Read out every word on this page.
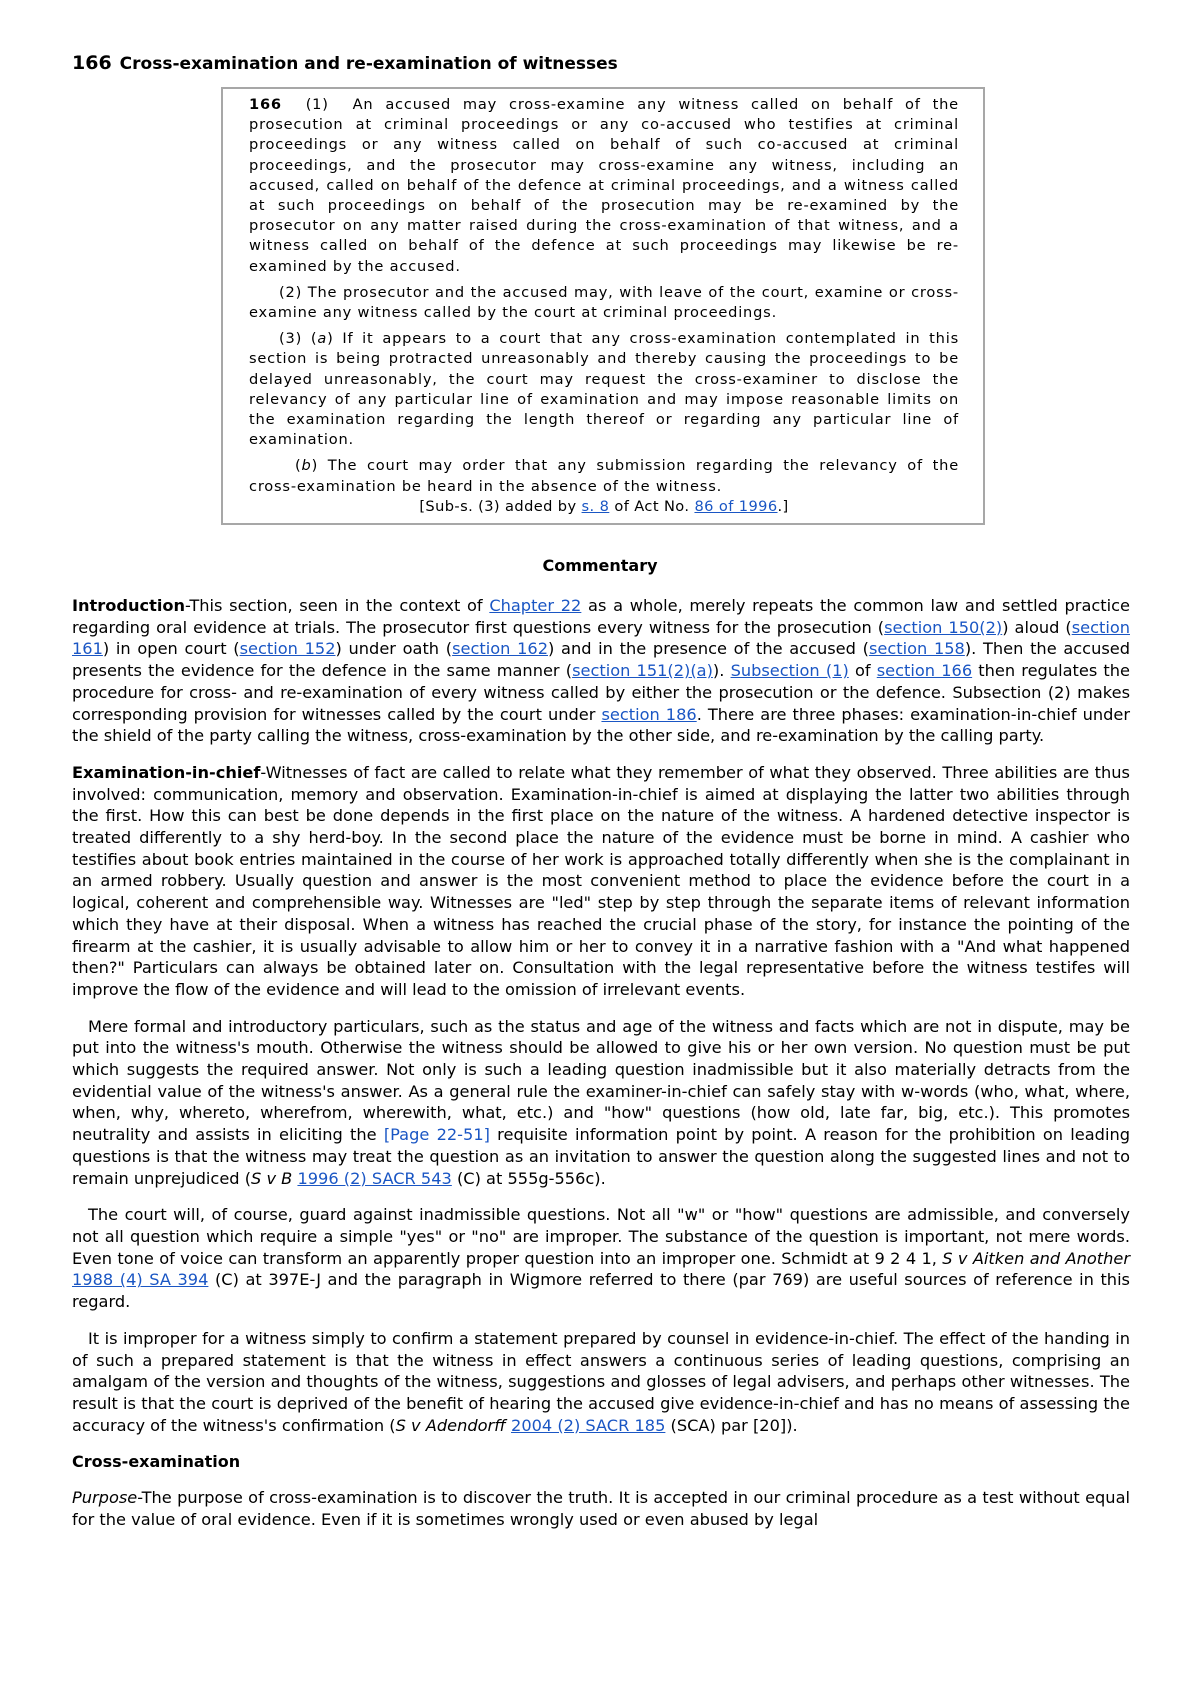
166 Cross-examination and re-examination of witnesses

166 (1) An accused may cross-examine any witness called on behalf of the prosecution at criminal proceedings or any co-accused who testifies at criminal proceedings or any witness called on behalf of such co-accused at criminal proceedings, and the prosecutor may cross-examine any witness, including an accused, called on behalf of the defence at criminal proceedings, and a witness called at such proceedings on behalf of the prosecution may be re-examined by the prosecutor on any matter raised during the cross-examination of that witness, and a witness called on behalf of the defence at such proceedings may likewise be re-examined by the accused.

(2) The prosecutor and the accused may, with leave of the court, examine or cross-examine any witness called by the court at criminal proceedings.

(3) (a) If it appears to a court that any cross-examination contemplated in this section is being protracted unreasonably and thereby causing the proceedings to be delayed unreasonably, the court may request the cross-examiner to disclose the relevancy of any particular line of examination and may impose reasonable limits on the examination regarding the length thereof or regarding any particular line of examination.

(b) The court may order that any submission regarding the relevancy of the cross-examination be heard in the absence of the witness.

[Sub-s. (3) added by s. 8 of Act No. 86 of 1996.]

Commentary

Introduction-This section, seen in the context of Chapter 22 as a whole, merely repeats the common law and settled practice regarding oral evidence at trials. The prosecutor first questions every witness for the prosecution (section 150(2)) aloud (section 161) in open court (section 152) under oath (section 162) and in the presence of the accused (section 158). Then the accused presents the evidence for the defence in the same manner (section 151(2)(a)). Subsection (1) of section 166 then regulates the procedure for cross- and re-examination of every witness called by either the prosecution or the defence. Subsection (2) makes corresponding provision for witnesses called by the court under section 186. There are three phases: examination-in-chief under the shield of the party calling the witness, cross-examination by the other side, and re-examination by the calling party.

Examination-in-chief-Witnesses of fact are called to relate what they remember of what they observed. Three abilities are thus involved: communication, memory and observation. Examination-in-chief is aimed at displaying the latter two abilities through the first. How this can best be done depends in the first place on the nature of the witness. A hardened detective inspector is treated differently to a shy herd-boy. In the second place the nature of the evidence must be borne in mind. A cashier who testifies about book entries maintained in the course of her work is approached totally differently when she is the complainant in an armed robbery. Usually question and answer is the most convenient method to place the evidence before the court in a logical, coherent and comprehensible way. Witnesses are "led" step by step through the separate items of relevant information which they have at their disposal. When a witness has reached the crucial phase of the story, for instance the pointing of the firearm at the cashier, it is usually advisable to allow him or her to convey it in a narrative fashion with a "And what happened then?" Particulars can always be obtained later on. Consultation with the legal representative before the witness testifes will improve the flow of the evidence and will lead to the omission of irrelevant events.

Mere formal and introductory particulars, such as the status and age of the witness and facts which are not in dispute, may be put into the witness's mouth. Otherwise the witness should be allowed to give his or her own version. No question must be put which suggests the required answer. Not only is such a leading question inadmissible but it also materially detracts from the evidential value of the witness's answer. As a general rule the examiner-in-chief can safely stay with w-words (who, what, where, when, why, whereto, wherefrom, wherewith, what, etc.) and "how" questions (how old, late far, big, etc.). This promotes neutrality and assists in eliciting the [Page 22-51] requisite information point by point. A reason for the prohibition on leading questions is that the witness may treat the question as an invitation to answer the question along the suggested lines and not to remain unprejudiced (S v B 1996 (2) SACR 543 (C) at 555g-556c).

The court will, of course, guard against inadmissible questions. Not all "w" or "how" questions are admissible, and conversely not all question which require a simple "yes" or "no" are improper. The substance of the question is important, not mere words. Even tone of voice can transform an apparently proper question into an improper one. Schmidt at 9 2 4 1, S v Aitken and Another 1988 (4) SA 394 (C) at 397E-J and the paragraph in Wigmore referred to there (par 769) are useful sources of reference in this regard.

It is improper for a witness simply to confirm a statement prepared by counsel in evidence-in-chief. The effect of the handing in of such a prepared statement is that the witness in effect answers a continuous series of leading questions, comprising an amalgam of the version and thoughts of the witness, suggestions and glosses of legal advisers, and perhaps other witnesses. The result is that the court is deprived of the benefit of hearing the accused give evidence-in-chief and has no means of assessing the accuracy of the witness's confirmation (S v Adendorff 2004 (2) SACR 185 (SCA) par [20]).

Cross-examination

Purpose-The purpose of cross-examination is to discover the truth. It is accepted in our criminal procedure as a test without equal for the value of oral evidence. Even if it is sometimes wrongly used or even abused by legal
